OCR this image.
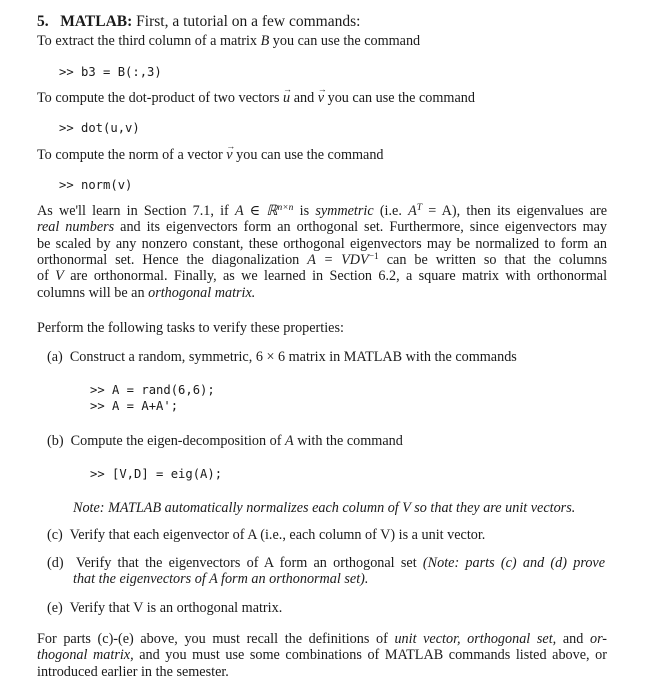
5. MATLAB: First, a tutorial on a few commands:
To extract the third column of a matrix B you can use the command
>> b3 = B(:,3)
To compute the dot-product of two vectors → u and → v you can use the command
>> dot(u,v)
To compute the norm of a vector → v you can use the command
>> norm(v)
As we'll learn in Section 7.1, if A ∈ ℝ$^{n\times n}$ is symmetric (i.e. $A^T = A$), then its eigenvalues are
real numbers and its eigenvectors form an orthogonal set. Furthermore, since eigenvectors may
be scaled by any nonzero constant, these orthogonal eigenvectors may be normalized to form an
orthonormal set. Hence the diagonalization $A = VDV^{-1}$ can be written so that the columns
of V are orthonormal. Finally, as we learned in Section 6.2, a square matrix with orthonormal
columns will be an orthogonal matrix.
Perform the following tasks to verify these properties:
(a) Construct a random, symmetric, 6 × 6 matrix in MATLAB with the commands
>> A = rand(6,6);
>> A = A+A';
(b) Compute the eigen-decomposition of A with the command
>> [V,D] = eig(A);
Note: MATLAB automatically normalizes each column of V so that they are unit vectors.
(c) Verify that each eigenvector of A (i.e., each column of V) is a unit vector.
(d) Verify that the eigenvectors of A form an orthogonal set (Note: parts (c) and (d) prove
that the eigenvectors of A form an orthonormal set).
(e) Verify that V is an orthogonal matrix.
For parts (c)-(e) above, you must recall the definitions of unit vector, orthogonal set, and or-
thogonal matrix, and you must use some combinations of MATLAB commands listed above, or
introduced earlier in the semester.
